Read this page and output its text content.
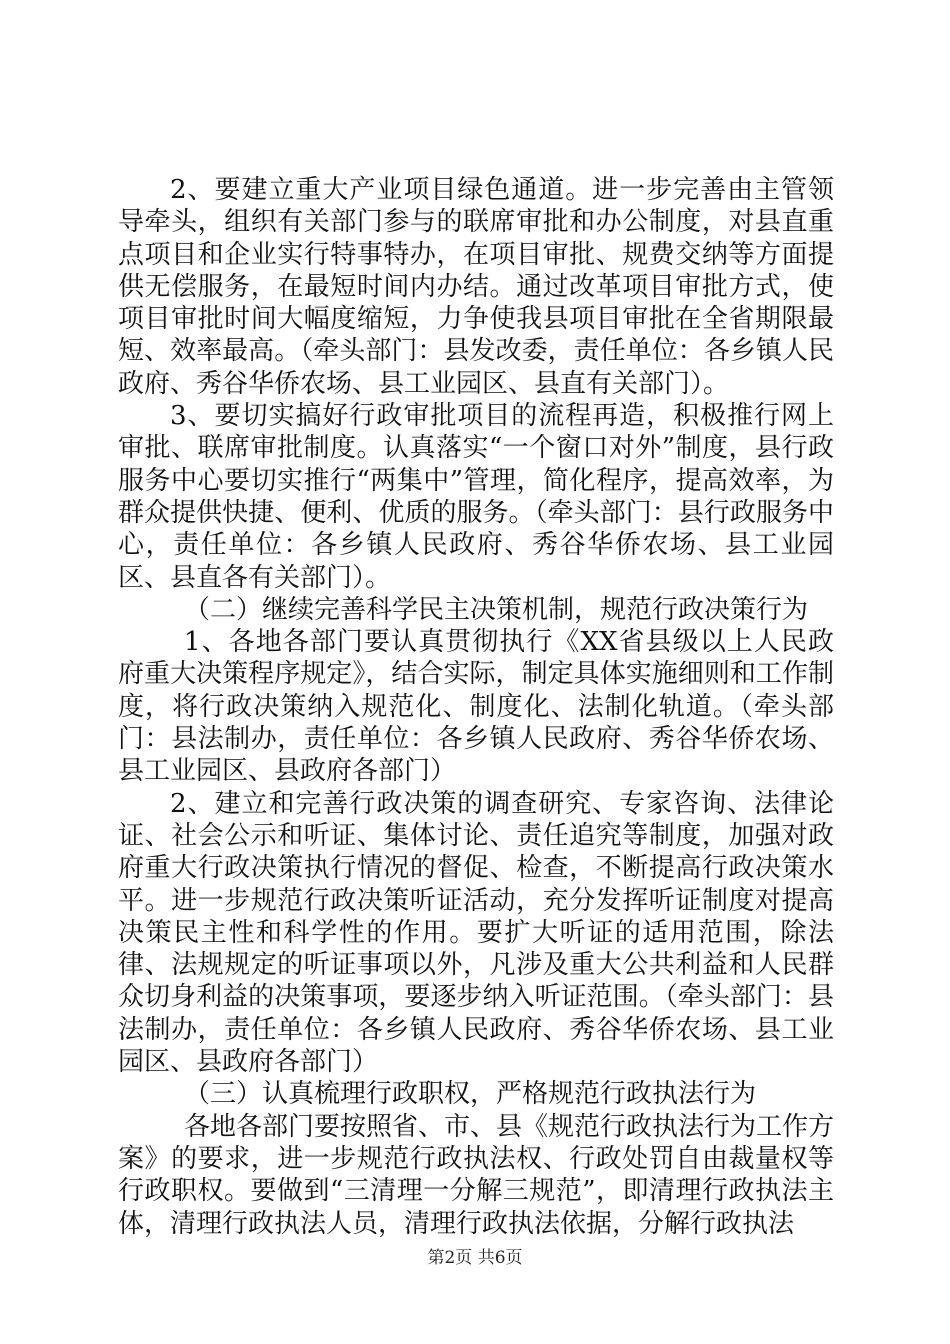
2、要建立重大产业项目绿色通道。进一步完善由主管领导牵头，组织有关部门参与的联席审批和办公制度，对县直重点项目和企业实行特事特办，在项目审批、规费交纳等方面提供无偿服务，在最短时间内办结。通过改革项目审批方式，使项目审批时间大幅度缩短，力争使我县项目审批在全省期限最短、效率最高。（牵头部门：县发改委，责任单位：各乡镇人民政府、秀谷华侨农场、县工业园区、县直有关部门）。

3、要切实搞好行政审批项目的流程再造，积极推行网上审批、联席审批制度。认真落实“一个窗口对外”制度，县行政服务中心要切实推行“两集中”管理，简化程序，提高效率，为群众提供快捷、便利、优质的服务。（牵头部门：县行政服务中心，责任单位：各乡镇人民政府、秀谷华侨农场、县工业园区、县直各有关部门）。

（二）继续完善科学民主决策机制，规范行政决策行为

1、各地各部门要认真贯彻执行《XX省县级以上人民政府重大决策程序规定》，结合实际，制定具体实施细则和工作制度，将行政决策纳入规范化、制度化、法制化轨道。（牵头部门：县法制办，责任单位：各乡镇人民政府、秀谷华侨农场、县工业园区、县政府各部门）

2、建立和完善行政决策的调查研究、专家咨询、法律论证、社会公示和听证、集体讨论、责任追究等制度，加强对政府重大行政决策执行情况的督促、检查，不断提高行政决策水平。进一步规范行政决策听证活动，充分发挥听证制度对提高决策民主性和科学性的作用。要扩大听证的适用范围，除法律、法规规定的听证事项以外，凡涉及重大公共利益和人民群众切身利益的决策事项，要逐步纳入听证范围。（牵头部门：县法制办，责任单位：各乡镇人民政府、秀谷华侨农场、县工业园区、县政府各部门）

（三）认真梳理行政职权，严格规范行政执法行为

各地各部门要按照省、市、县《规范行政执法行为工作方案》的要求，进一步规范行政执法权、行政处罚自由裁量权等行政职权。要做到“三清理一分解三规范”，即清理行政执法主体，清理行政执法人员，清理行政执法依据，分解行政执法

第2页 共6页
